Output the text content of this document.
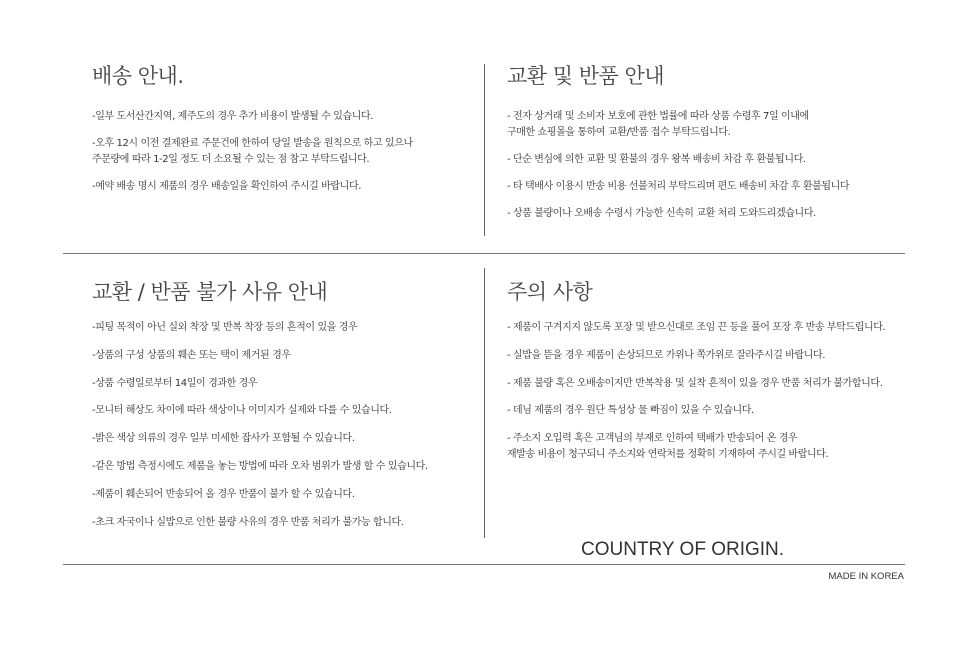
배송 안내.
-일부 도서산간지역, 제주도의 경우 추가 비용이 발생될 수 있습니다.
-오후 12시 이전 결제완료 주문건에 한하여 당일 발송을 원칙으로 하고 있으나
주문량에 따라 1-2일 정도 더 소요될 수 있는 점 참고 부탁드립니다.
-예약 배송 명시 제품의 경우 배송일을 확인하여 주시길 바랍니다.
교환 및 반품 안내
- 전자 상거래 및 소비자 보호에 관한 법률에 따라 상품 수령후 7일 이내에
구매한 쇼핑몰을 통하여 교환/반품 접수 부탁드립니다.
- 단순 변심에 의한 교환 및 환불의 경우 왕복 배송비 차감 후 환불됩니다.
- 타 택배사 이용시 반송 비용 선불처리 부탁드리며 편도 배송비 차감 후 환불됩니다
- 상품 불량이나 오배송 수령시 가능한 신속히 교환 처리 도와드리겠습니다.
교환 / 반품 불가 사유 안내
-피팅 목적이 아닌 실외 착장 및 반복 착장 등의 흔적이 있을 경우
-상품의 구성 상품의 훼손 또는 택이 제거된 경우
-상품 수령일로부터 14일이 경과한 경우
-모니터 해상도 차이에 따라 색상이나 이미지가 실제와 다를 수 있습니다.
-밝은 색상 의류의 경우 일부 미세한 잡사가 포함될 수 있습니다.
-같은 방법 측정시에도 제품을 놓는 방법에 따라 오차 범위가 발생 할 수 있습니다.
-제품이 훼손되어 반송되어 올 경우 반품이 불가 할 수 있습니다.
-초크 자국이나 실밥으로 인한 불량 사유의 경우 반품 처리가 불가능 합니다.
주의 사항
- 제품이 구겨지지 않도록 포장 및 받으신대로 조임 끈 등을 풀어 포장 후 반송 부탁드립니다.
- 실밥을 뜯을 경우 제품이 손상되므로 가위나 쪽가위로 잘라주시길 바랍니다.
- 제품 불량 혹은 오배송이지만 반복착용 및 실착 흔적이 있을 경우 반품 처리가 불가합니다.
- 데님 제품의 경우 원단 특성상 물 빠짐이 있을 수 있습니다.
- 주소지 오입력 혹은 고객님의 부재로 인하여 택배가 반송되어 온 경우
재발송 비용이 청구되니 주소지와 연락처를 정확히 기재하여 주시길 바랍니다.
COUNTRY OF ORIGIN.
MADE IN KOREA
